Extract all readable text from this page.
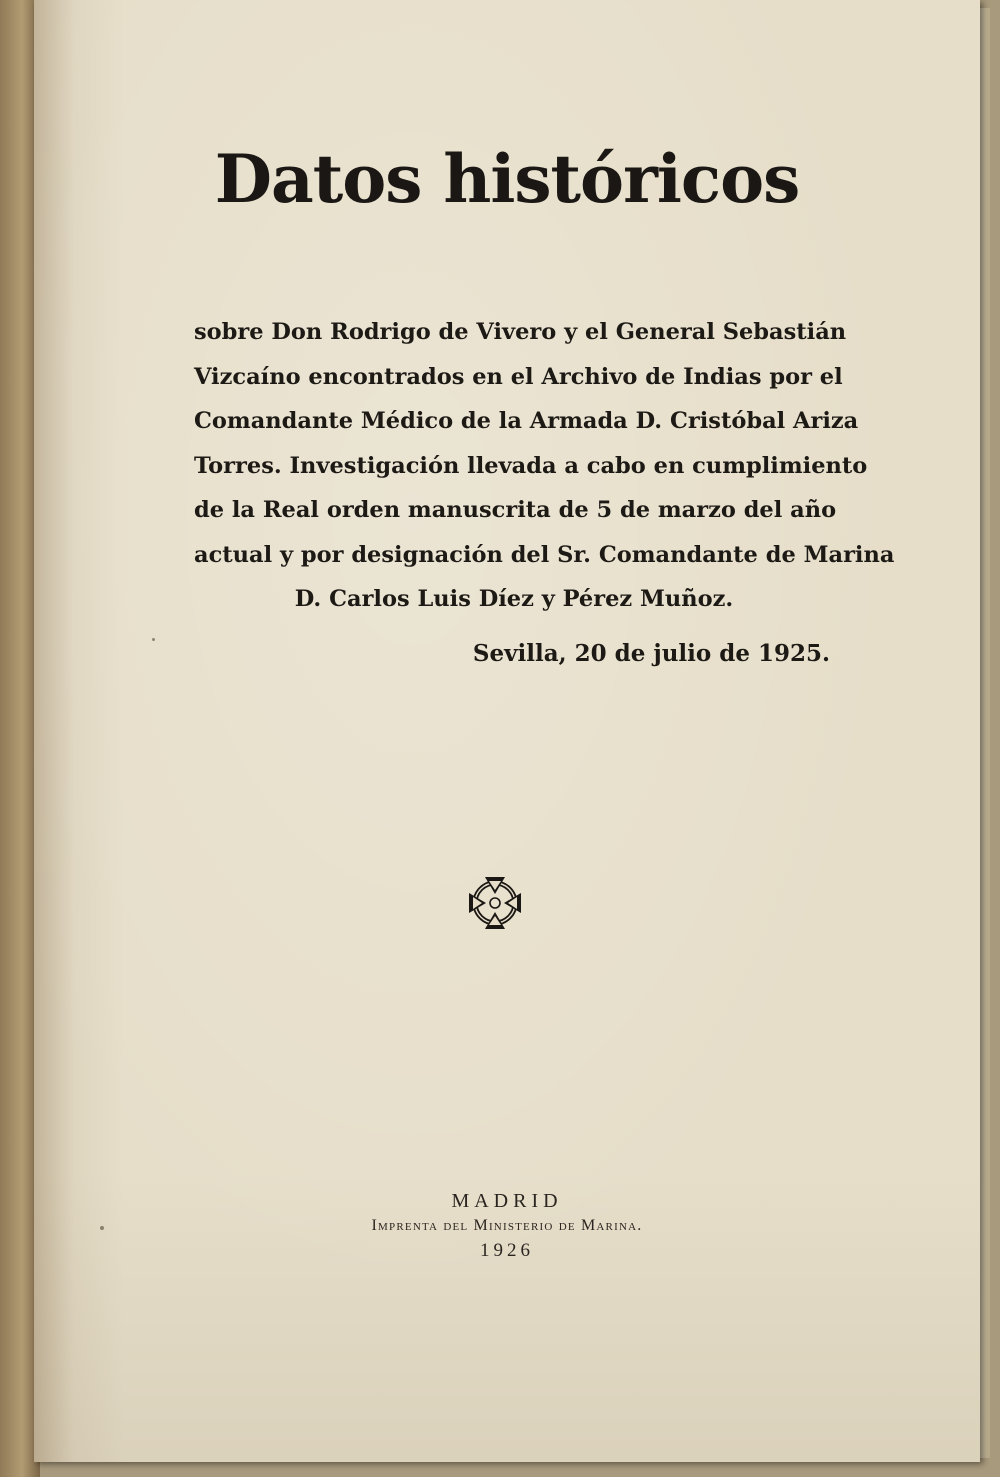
Datos históricos
sobre Don Rodrigo de Vivero y el General Sebastián
Vizcaíno encontrados en el Archivo de Indias por el
Comandante Médico de la Armada D. Cristóbal Ariza
Torres. Investigación llevada a cabo en cumplimiento
de la Real orden manuscrita de 5 de marzo del año
actual y por designación del Sr. Comandante de Marina
D. Carlos Luis Díez y Pérez Muñoz.
Sevilla, 20 de julio de 1925.
MADRID
Imprenta del Ministerio de Marina.
1926
